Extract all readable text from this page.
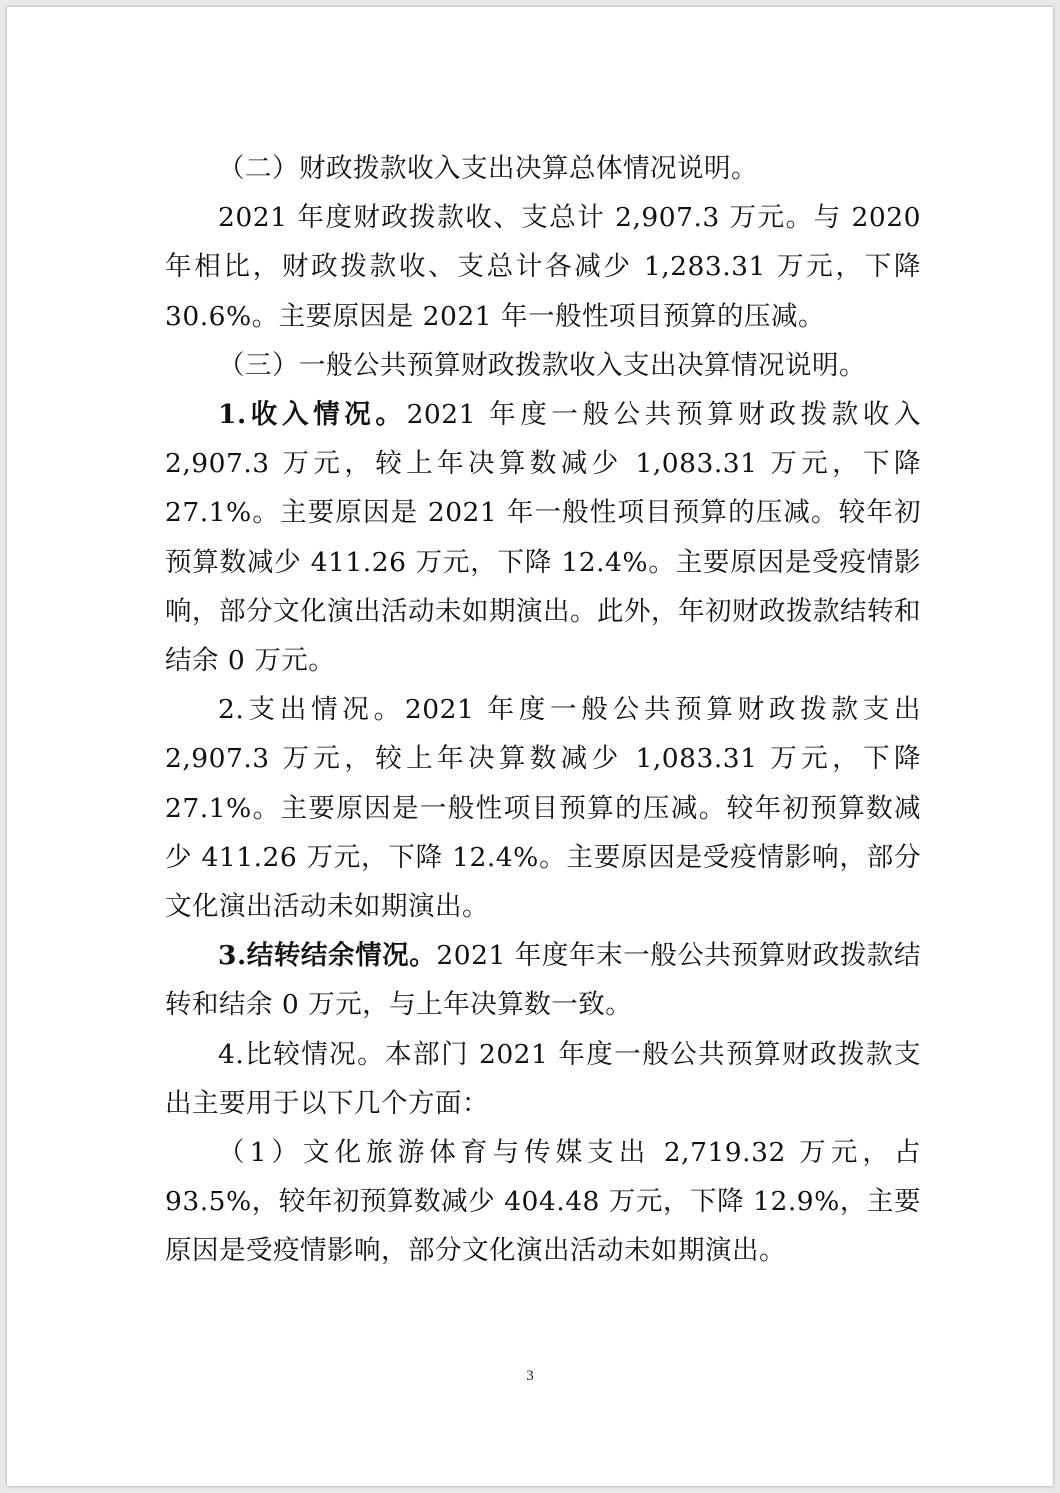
（二）财政拨款收入支出决算总体情况说明。

2021 年度财政拨款收、支总计 2,907.3 万元。与 2020 年相比，财政拨款收、支总计各减少 1,283.31 万元，下降 30.6%。主要原因是 2021 年一般性项目预算的压减。

（三）一般公共预算财政拨款收入支出决算情况说明。

1.收入情况。2021 年度一般公共预算财政拨款收入 2,907.3 万元，较上年决算数减少 1,083.31 万元，下降 27.1%。主要原因是 2021 年一般性项目预算的压减。较年初预算数减少 411.26 万元，下降 12.4%。主要原因是受疫情影响，部分文化演出活动未如期演出。此外，年初财政拨款结转和结余 0 万元。

2.支出情况。2021 年度一般公共预算财政拨款支出 2,907.3 万元，较上年决算数减少 1,083.31 万元，下降 27.1%。主要原因是一般性项目预算的压减。较年初预算数减少 411.26 万元，下降 12.4%。主要原因是受疫情影响，部分文化演出活动未如期演出。

3.结转结余情况。2021 年度年末一般公共预算财政拨款结转和结余 0 万元，与上年决算数一致。

4.比较情况。本部门 2021 年度一般公共预算财政拨款支出主要用于以下几个方面：

（1）文化旅游体育与传媒支出 2,719.32 万元，占 93.5%，较年初预算数减少 404.48 万元，下降 12.9%，主要原因是受疫情影响，部分文化演出活动未如期演出。

3
